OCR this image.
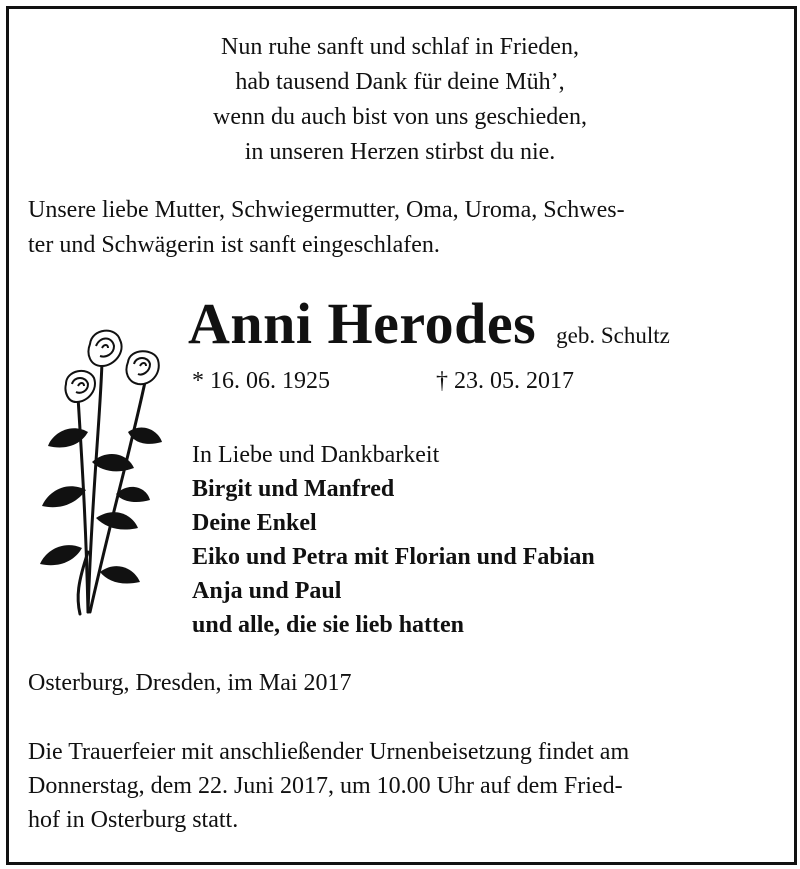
Nun ruhe sanft und schlaf in Frieden,
hab tausend Dank für deine Müh’,
wenn du auch bist von uns geschieden,
in unseren Herzen stirbst du nie.
Unsere liebe Mutter, Schwiegermutter, Oma, Uroma, Schwes-
ter und Schwägerin ist sanft eingeschlafen.
Anni Herodes geb. Schultz
* 16. 06. 1925	† 23. 05. 2017
In Liebe und Dankbarkeit
Birgit und Manfred
Deine Enkel
Eiko und Petra mit Florian und Fabian
Anja und Paul
und alle, die sie lieb hatten
Osterburg, Dresden, im Mai 2017
Die Trauerfeier mit anschließender Urnenbeisetzung findet am
Donnerstag, dem 22. Juni 2017, um 10.00 Uhr auf dem Fried-
hof in Osterburg statt.
